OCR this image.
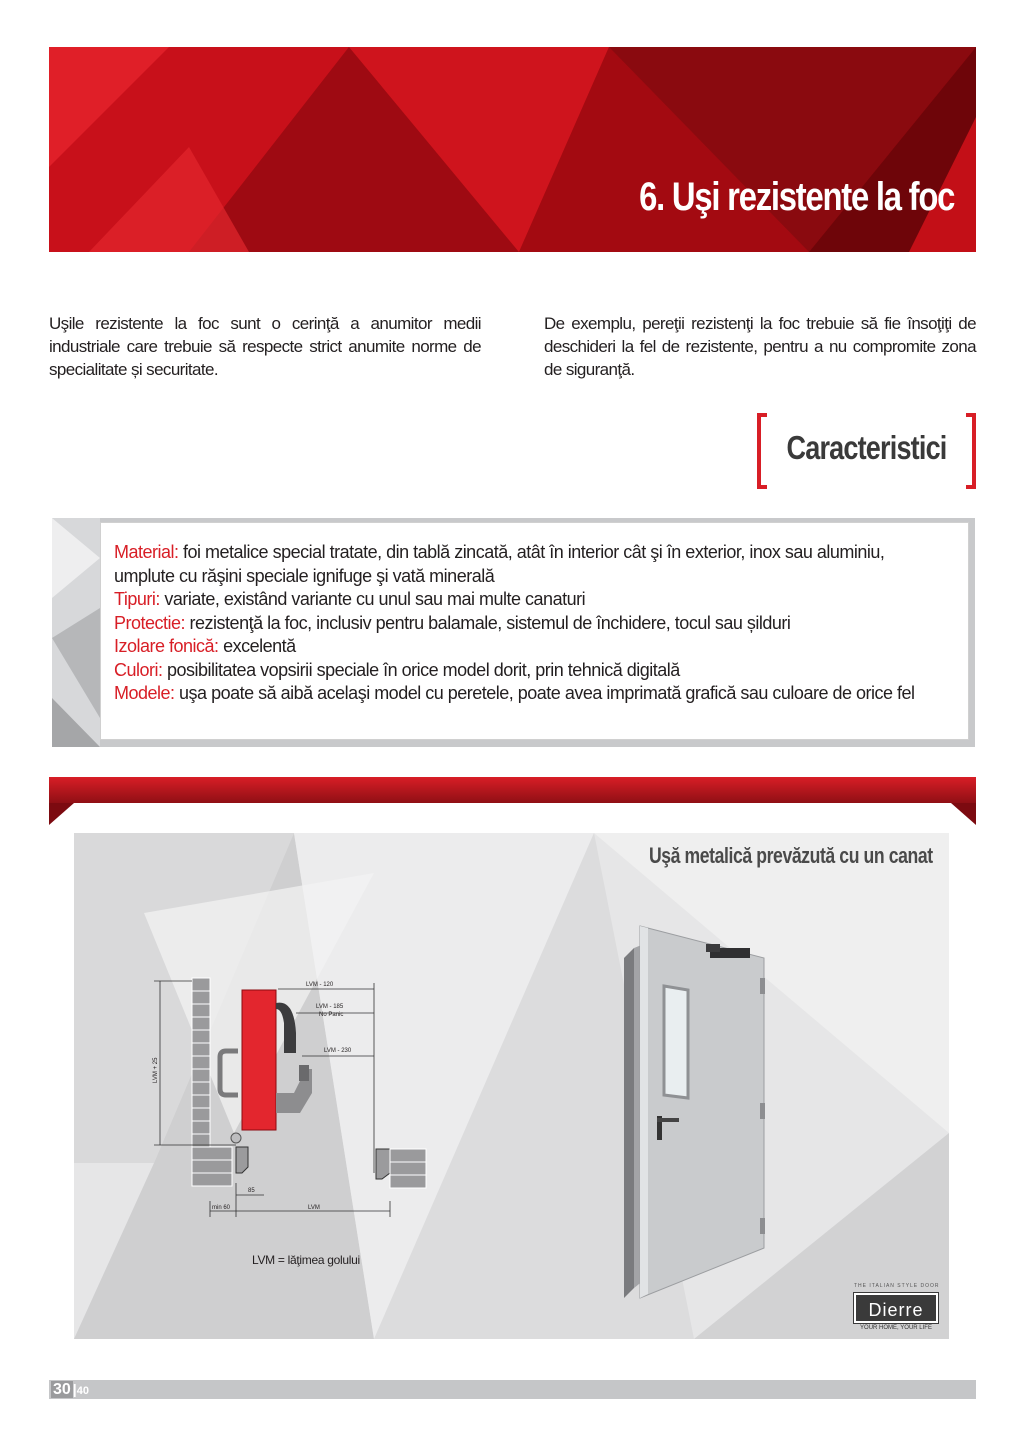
6. Uşi rezistente la foc

Uşile rezistente la foc sunt o cerinţă a anumitor medii industriale care trebuie să respecte strict anumite norme de specialitate și securitate.

De exemplu, pereţii rezistenţi la foc trebuie să fie însoţiţi de deschideri la fel de rezistente, pentru a nu compromite zona de siguranţă.

Caracteristici
Material: foi metalice special tratate, din tablă zincată, atât în interior cât şi în exterior, inox sau aluminiu,
umplute cu răşini speciale ignifuge şi vată minerală
Tipuri: variate, existând variante cu unul sau mai multe canaturi
Protectie: rezistenţă la foc, inclusiv pentru balamale, sistemul de închidere, tocul sau șilduri
Izolare fonică: excelentă
Culori: posibilitatea vopsirii speciale în orice model dorit, prin tehnică digitală
Modele: uşa poate să aibă acelaşi model cu peretele, poate avea imprimată grafică sau culoare de orice fel
Uşă metalică prevăzută cu un canat
LVM - 120
LVM - 185
No Panic
LVM - 230
LVM + 25
85
min 60	LVM
LVM = lăţimea golului
THE ITALIAN STYLE DOOR
Dierre
YOUR HOME, YOUR LIFE
30 |40
